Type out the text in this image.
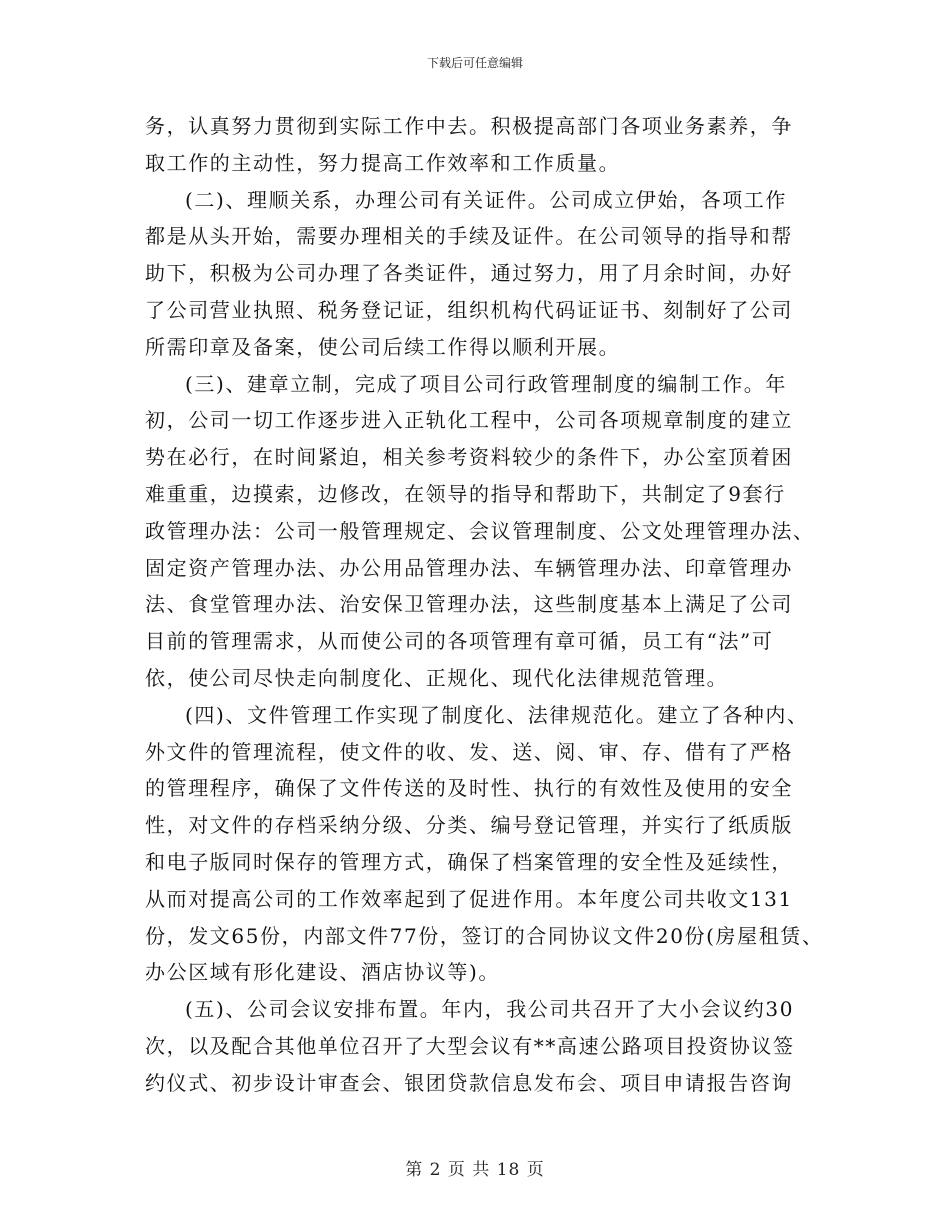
下载后可任意编辑
务，认真努力贯彻到实际工作中去。积极提高部门各项业务素养，争
取工作的主动性，努力提高工作效率和工作质量。
(二)、理顺关系，办理公司有关证件。公司成立伊始，各项工作
都是从头开始，需要办理相关的手续及证件。在公司领导的指导和帮
助下，积极为公司办理了各类证件，通过努力，用了月余时间，办好
了公司营业执照、税务登记证，组织机构代码证证书、刻制好了公司
所需印章及备案，使公司后续工作得以顺利开展。
(三)、建章立制，完成了项目公司行政管理制度的编制工作。年
初，公司一切工作逐步进入正轨化工程中，公司各项规章制度的建立
势在必行，在时间紧迫，相关参考资料较少的条件下，办公室顶着困
难重重，边摸索，边修改，在领导的指导和帮助下，共制定了9套行
政管理办法：公司一般管理规定、会议管理制度、公文处理管理办法、
固定资产管理办法、办公用品管理办法、车辆管理办法、印章管理办
法、食堂管理办法、治安保卫管理办法，这些制度基本上满足了公司
目前的管理需求，从而使公司的各项管理有章可循，员工有“法”可
依，使公司尽快走向制度化、正规化、现代化法律规范管理。
(四)、文件管理工作实现了制度化、法律规范化。建立了各种内、
外文件的管理流程，使文件的收、发、送、阅、审、存、借有了严格
的管理程序，确保了文件传送的及时性、执行的有效性及使用的安全
性，对文件的存档采纳分级、分类、编号登记管理，并实行了纸质版
和电子版同时保存的管理方式，确保了档案管理的安全性及延续性，
从而对提高公司的工作效率起到了促进作用。本年度公司共收文131
份，发文65份，内部文件77份，签订的合同协议文件20份(房屋租赁、
办公区域有形化建设、酒店协议等)。
(五)、公司会议安排布置。年内，我公司共召开了大小会议约30
次，以及配合其他单位召开了大型会议有**高速公路项目投资协议签
约仪式、初步设计审查会、银团贷款信息发布会、项目申请报告咨询
第 2 页 共 18 页
